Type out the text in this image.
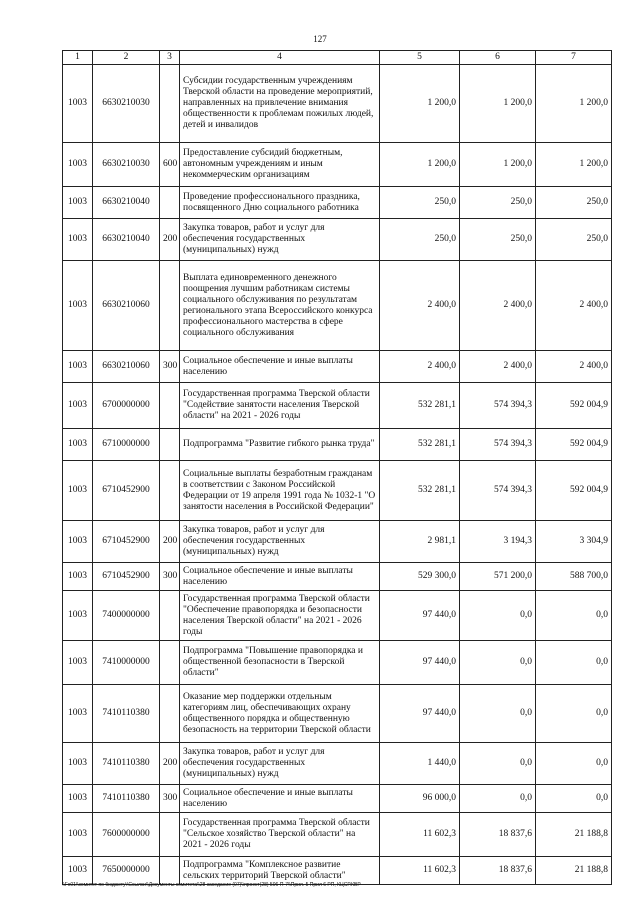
127
1	2	3	4	5	6	7
1003	6630210030		Субсидии государственным учреждениям Тверской области на проведение мероприятий, направленных на привлечение внимания общественности к проблемам пожилых людей, детей и инвалидов	1 200,0	1 200,0	1 200,0
1003	6630210030	600	Предоставление субсидий бюджетным, автономным учреждениям и иным некоммерческим организациям	1 200,0	1 200,0	1 200,0
1003	6630210040		Проведение профессионального праздника, посвященного Дню социального работника	250,0	250,0	250,0
1003	6630210040	200	Закупка товаров, работ и услуг для обеспечения государственных (муниципальных) нужд	250,0	250,0	250,0
1003	6630210060		Выплата единовременного денежного поощрения лучшим работникам системы социального обслуживания по результатам регионального этапа Всероссийского конкурса профессионального мастерства в сфере социального обслуживания	2 400,0	2 400,0	2 400,0
1003	6630210060	300	Социальное обеспечение и иные выплаты населению	2 400,0	2 400,0	2 400,0
1003	6700000000		Государственная программа Тверской области "Содействие занятости населения Тверской области" на 2021 - 2026 годы	532 281,1	574 394,3	592 004,9
1003	6710000000		Подпрограмма "Развитие гибкого рынка труда"	532 281,1	574 394,3	592 004,9
1003	6710452900		Социальные выплаты безработным гражданам в соответствии с Законом Российской Федерации от 19 апреля 1991 года № 1032-1 "О занятости населения в Российской Федерации"	532 281,1	574 394,3	592 004,9
1003	6710452900	200	Закупка товаров, работ и услуг для обеспечения государственных (муниципальных) нужд	2 981,1	3 194,3	3 304,9
1003	6710452900	300	Социальное обеспечение и иные выплаты населению	529 300,0	571 200,0	588 700,0
1003	7400000000		Государственная программа Тверской области "Обеспечение правопорядка и безопасности населения Тверской области" на 2021 - 2026 годы	97 440,0	0,0	0,0
1003	7410000000		Подпрограмма "Повышение правопорядка и общественной безопасности в Тверской области"	97 440,0	0,0	0,0
1003	7410110380		Оказание мер поддержки отдельным категориям лиц, обеспечивающих охрану общественного порядка и общественную безопасность на территории Тверской области	97 440,0	0,0	0,0
1003	7410110380	200	Закупка товаров, работ и услуг для обеспечения государственных (муниципальных) нужд	1 440,0	0,0	0,0
1003	7410110380	300	Социальное обеспечение и иные выплаты населению	96 000,0	0,0	0,0
1003	7600000000		Государственная программа Тверской области "Сельское хозяйство Тверской области" на 2021 - 2026 годы	11 602,3	18 837,6	21 188,8
1003	7650000000		Подпрограмма "Комплексное развитие сельских территорий Тверской области"	11 602,3	18 837,6	21 188,8
\\Fs01\\комитет по бюджету\\Ссылки\\Документы комитета\\28 заседание (07)\\проект(28) 506-П-7\\Прил. 5 Прил 6 РП, КЦСР.КВР
